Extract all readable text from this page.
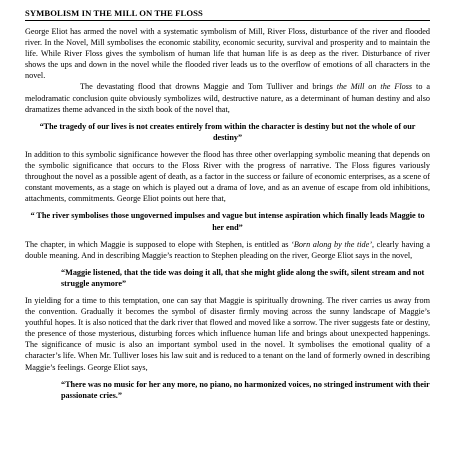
SYMBOLISM IN THE MILL ON THE FLOSS

George Eliot has armed the novel with a systematic symbolism of Mill, River Floss, disturbance of the river and flooded river. In the Novel, Mill symbolises the economic stability, economic security, survival and prosperity and to maintain the life. While River Floss gives the symbolism of human life that human life is as deep as the river. Disturbance of river shows the ups and down in the novel while the flooded river leads us to the overflow of emotions of all characters in the novel.

The devastating flood that drowns Maggie and Tom Tulliver and brings the Mill on the Floss to a melodramatic conclusion quite obviously symbolizes wild, destructive nature, as a determinant of human destiny and also dramatizes theme advanced in the sixth book of the novel that,

“The tragedy of our lives is not creates entirely from within the character is destiny but not the whole of our destiny”

In addition to this symbolic significance however the flood has three other overlapping symbolic meaning that depends on the symbolic significance that occurs to the Floss River with the progress of narrative. The Floss figures variously throughout the novel as a possible agent of death, as a factor in the success or failure of economic enterprises, as a scene of constant movements, as a stage on which is played out a drama of love, and as an avenue of escape from old inhibitions, attachments, commitments. George Eliot points out here that,

“ The river symbolises those ungoverned impulses and vague but intense aspiration which finally leads Maggie to her end”

The chapter, in which Maggie is supposed to elope with Stephen, is entitled as ‘Born along by the tide’, clearly having a double meaning. And in describing Maggie’s reaction to Stephen pleading on the river, George Eliot says in the novel,

“Maggie listened, that the tide was doing it all, that she might glide along the swift, silent stream and not struggle anymore”

In yielding for a time to this temptation, one can say that Maggie is spiritually drowning. The river carries us away from the convention. Gradually it becomes the symbol of disaster firmly moving across the sunny landscape of Maggie’s youthful hopes. It is also noticed that the dark river that flowed and moved like a sorrow. The river suggests fate or destiny, the presence of those mysterious, disturbing forces which influence human life and brings about unexpected happenings. The significance of music is also an important symbol used in the novel. It symbolises the emotional quality of a character’s life. When Mr. Tulliver loses his law suit and is reduced to a tenant on the land of formerly owned in describing Maggie’s feelings. George Eliot says,

“There was no music for her any more, no piano, no harmonized voices, no stringed instrument with their passionate cries.”
